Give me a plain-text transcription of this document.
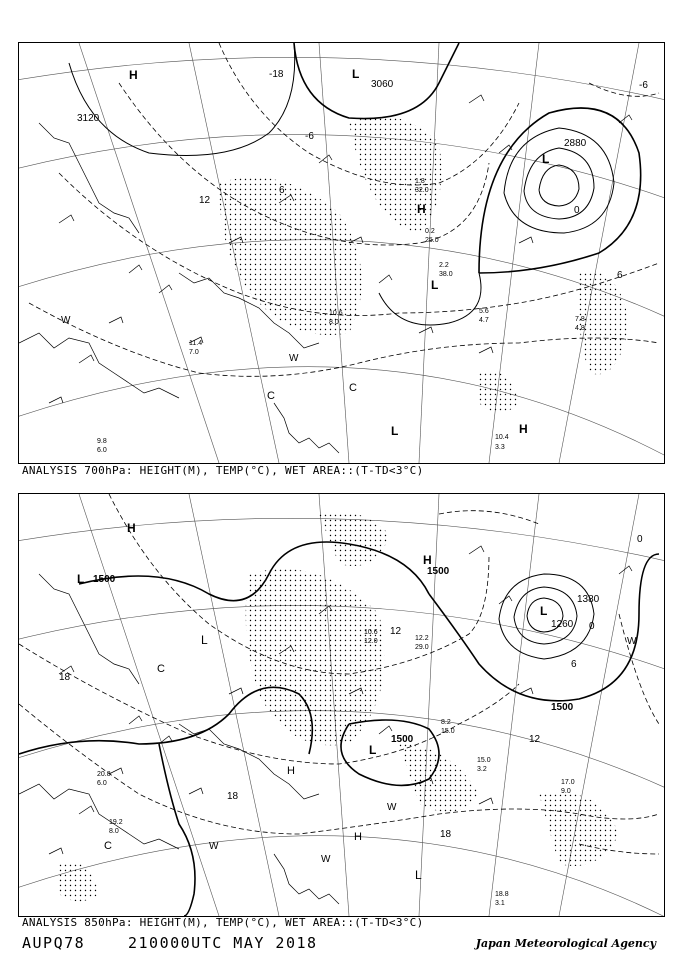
3120
3060
2880
H	L
H
L
L
H
L
C
C
W
W
10.4
3.3
0.2
25.0
1.8
32.0
7.8
4.8
10.6
8.0
9.8
6.0
11.4
7.0
5.6
4.7
2.2
38.0
-18
-6
6
12
0
-6
6
ANALYSIS 700hPa: HEIGHT(M), TEMP(°C), WET AREA::(T-TD<3°C)
1500
1500
1380
1260
1500
1500
H
L
H
L
L
H
H
L
L
C
C	W
W
W
W
18.8
3.1
17.0
9.0
12.2
29.0
8.2
15.0
20.8
6.0
19.2
8.0
15.0
3.2
10.6
12.0
18
12
12
6
0
18
18
0
ANALYSIS 850hPa: HEIGHT(M), TEMP(°C), WET AREA::(T-TD<3°C)
AUPQ78	210000UTC MAY 2018	Japan Meteorological Agency
